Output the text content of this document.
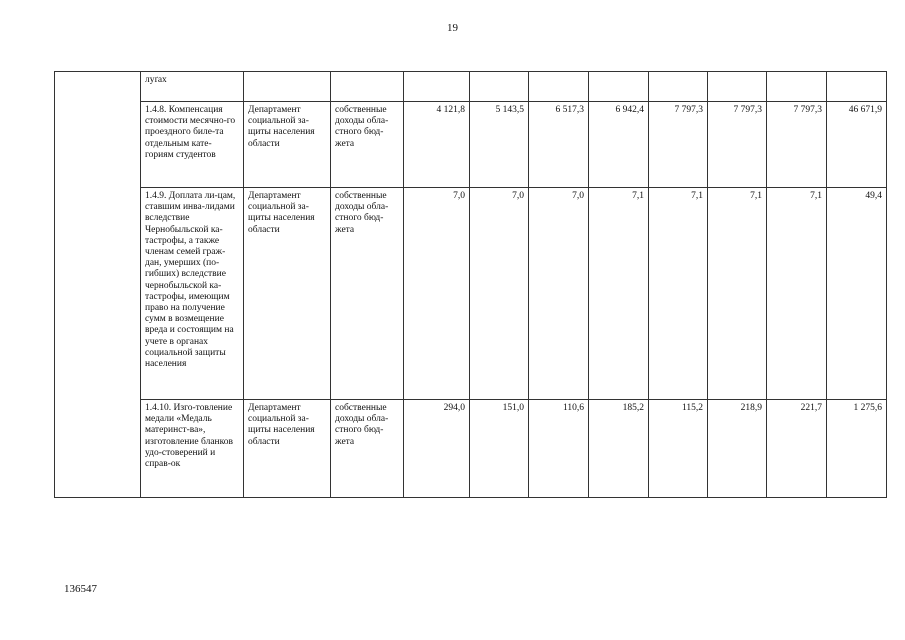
19
	луґах										
	1.4.8. Компенсация стоимости месячно-го проездного биле-та отдельным кате-гориям студентов	Департамент социальной за-щиты населения области	собственные доходы обла-стного бюд-жета	4 121,8	5 143,5	6 517,3	6 942,4	7 797,3	7 797,3	7 797,3	46 671,9
	1.4.9. Доплата ли-цам, ставшим инва-лидами вследствие Чернобыльской ка-тастрофы, а также членам семей граж-дан, умерших (по-гибших) вследствие чернобыльской ка-тастрофы, имеющим право на получение сумм в возмещение вреда и состоящим на учете в органах социальной защиты населения	Департамент социальной за-щиты населения области	собственные доходы обла-стного бюд-жета	7,0	7,0	7,0	7,1	7,1	7,1	7,1	49,4
	1.4.10. Изго-товление медали «Медаль материнст-ва», изготовление бланков удо-стоверений и справ-ок	Департамент социальной за-щиты населения области	собственные доходы обла-стного бюд-жета	294,0	151,0	110,6	185,2	115,2	218,9	221,7	1 275,6
136547
